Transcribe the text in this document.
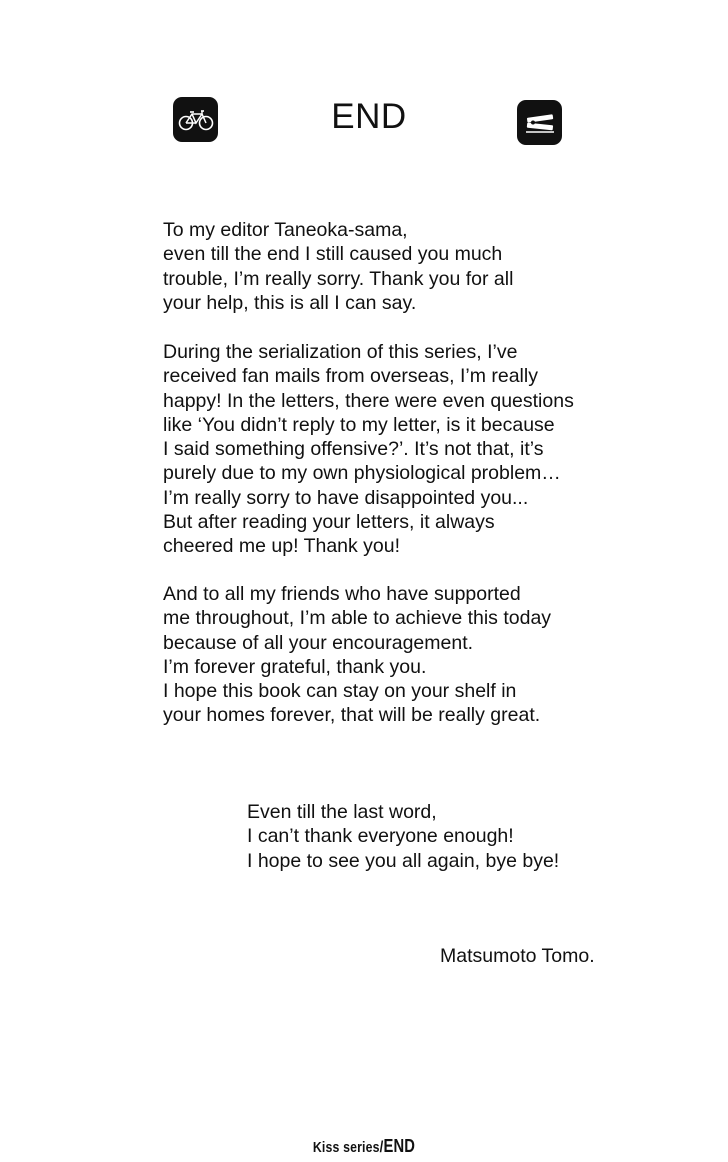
END
To my editor Taneoka-sama,
even till the end I still caused you much
trouble, I’m really sorry. Thank you for all
your help, this is all I can say.
During the serialization of this series, I’ve
received fan mails from overseas, I’m really
happy! In the letters, there were even questions
like ‘You didn’t reply to my letter, is it because
I said something offensive?’. It’s not that, it’s
purely due to my own physiological problem…
I’m really sorry to have disappointed you...
But after reading your letters, it always
cheered me up! Thank you!
And to all my friends who have supported
me throughout, I’m able to achieve this today
because of all your encouragement.
I’m forever grateful, thank you.
I hope this book can stay on your shelf in
your homes forever, that will be really great.
Even till the last word,
I can’t thank everyone enough!
I hope to see you all again, bye bye!
Matsumoto Tomo.
Kiss series/END
